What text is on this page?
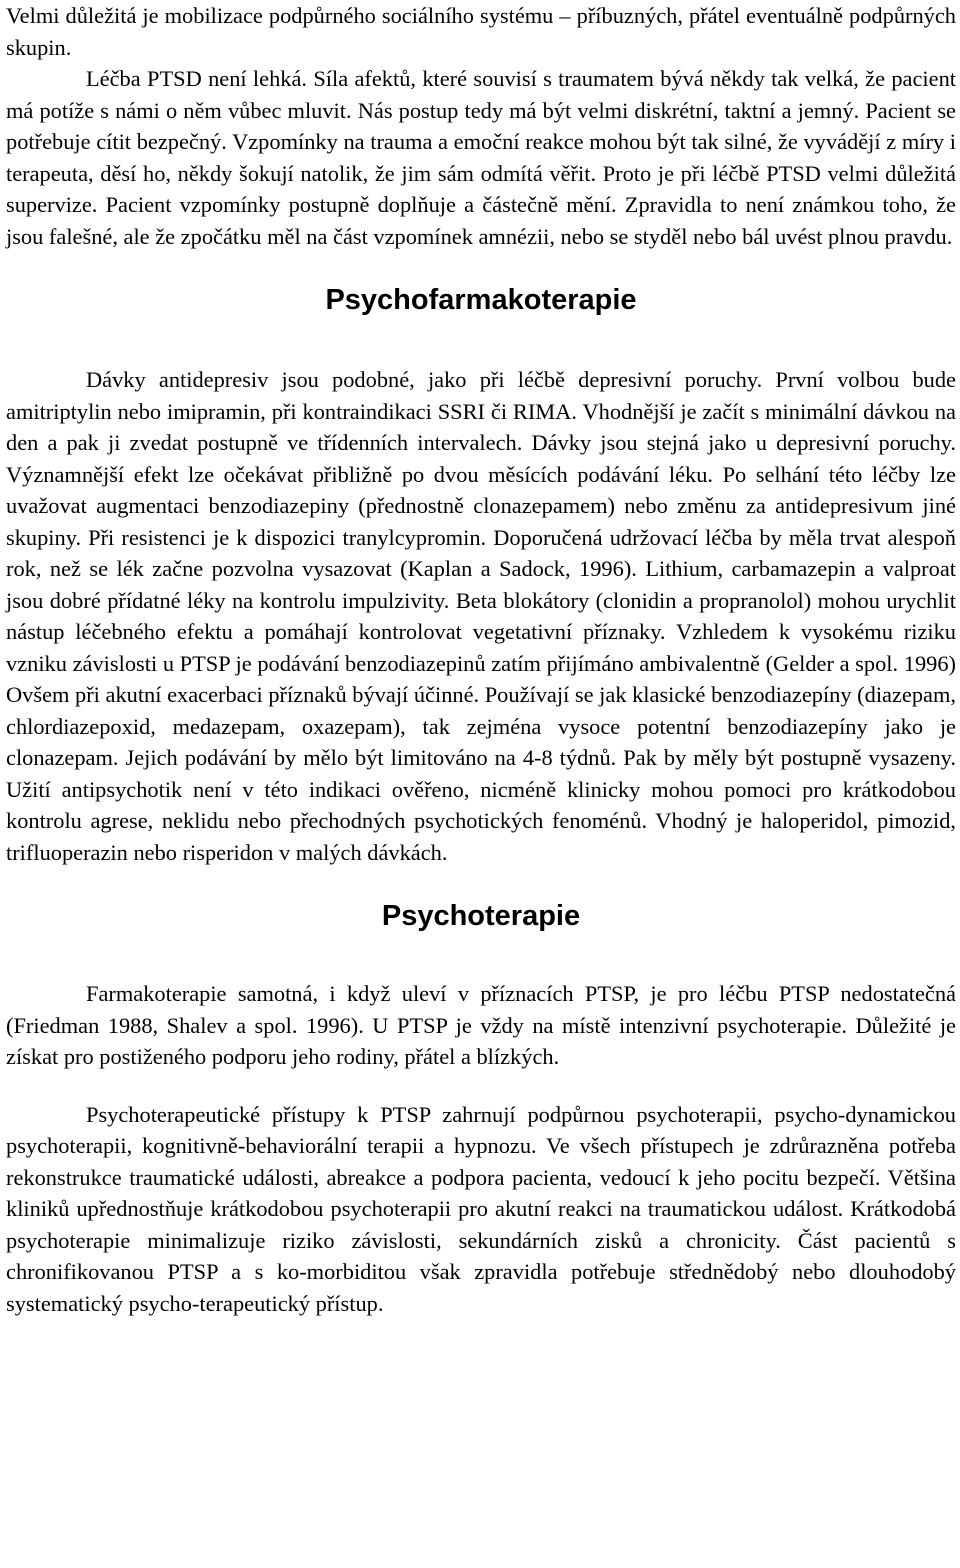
Velmi důležitá je mobilizace podpůrného sociálního systému – příbuzných, přátel eventuálně podpůrných skupin.

Léčba PTSD není lehká. Síla afektů, které souvisí s traumatem bývá někdy tak velká, že pacient má potíže s námi o něm vůbec mluvit. Nás postup tedy má být velmi diskrétní, taktní a jemný. Pacient se potřebuje cítit bezpečný. Vzpomínky na trauma a emoční reakce mohou být tak silné, že vyvádějí z míry i terapeuta, děsí ho, někdy šokují natolik, že jim sám odmítá věřit. Proto je při léčbě PTSD velmi důležitá supervize. Pacient vzpomínky postupně doplňuje a částečně mění. Zpravidla to není známkou toho, že jsou falešné, ale že zpočátku měl na část vzpomínek amnézii, nebo se styděl nebo bál uvést plnou pravdu.

Psychofarmakoterapie

Dávky antidepresiv jsou podobné, jako při léčbě depresivní poruchy. První volbou bude amitriptylin nebo imipramin, při kontraindikaci SSRI či RIMA. Vhodnější je začít s minimální dávkou na den a pak ji zvedat postupně ve třídenních intervalech. Dávky jsou stejná jako u depresivní poruchy. Významnější efekt lze očekávat přibližně po dvou měsících podávání léku. Po selhání této léčby lze uvažovat augmentaci benzodiazepiny (přednostně clonazepamem) nebo změnu za antidepresivum jiné skupiny. Při resistenci je k dispozici tranylcypromin. Doporučená udržovací léčba by měla trvat alespoň rok, než se lék začne pozvolna vysazovat (Kaplan a Sadock, 1996). Lithium, carbamazepin a valproat jsou dobré přídatné léky na kontrolu impulzivity. Beta blokátory (clonidin a propranolol) mohou urychlit nástup léčebného efektu a pomáhají kontrolovat vegetativní příznaky. Vzhledem k vysokému riziku vzniku závislosti u PTSP je podávání benzodiazepinů zatím přijímáno ambivalentně (Gelder a spol. 1996) Ovšem při akutní exacerbaci příznaků bývají účinné. Používají se jak klasické benzodiazepíny (diazepam, chlordiazepoxid, medazepam, oxazepam), tak zejména vysoce potentní benzodiazepíny jako je clonazepam. Jejich podávání by mělo být limitováno na 4-8 týdnů. Pak by měly být postupně vysazeny. Užití antipsychotik není v této indikaci ověřeno, nicméně klinicky mohou pomoci pro krátkodobou kontrolu agrese, neklidu nebo přechodných psychotických fenoménů. Vhodný je haloperidol, pimozid, trifluoperazin nebo risperidon v malých dávkách.

Psychoterapie

Farmakoterapie samotná, i když uleví v příznacích PTSP, je pro léčbu PTSP nedostatečná (Friedman 1988, Shalev a spol. 1996). U PTSP je vždy na místě intenzivní psychoterapie. Důležité je získat pro postiženého podporu jeho rodiny, přátel a blízkých.

Psychoterapeutické přístupy k PTSP zahrnují podpůrnou psychoterapii, psycho-dynamickou psychoterapii, kognitivně-behaviorální terapii a hypnozu. Ve všech přístupech je zdrůrazněna potřeba rekonstrukce traumatické události, abreakce a podpora pacienta, vedoucí k jeho pocitu bezpečí. Většina kliniků upřednostňuje krátkodobou psychoterapii pro akutní reakci na traumatickou událost. Krátkodobá psychoterapie minimalizuje riziko závislosti, sekundárních zisků a chronicity. Část pacientů s chronifikovanou PTSP a s ko-morbiditou však zpravidla potřebuje střednědobý nebo dlouhodobý systematický psycho-terapeutický přístup.
